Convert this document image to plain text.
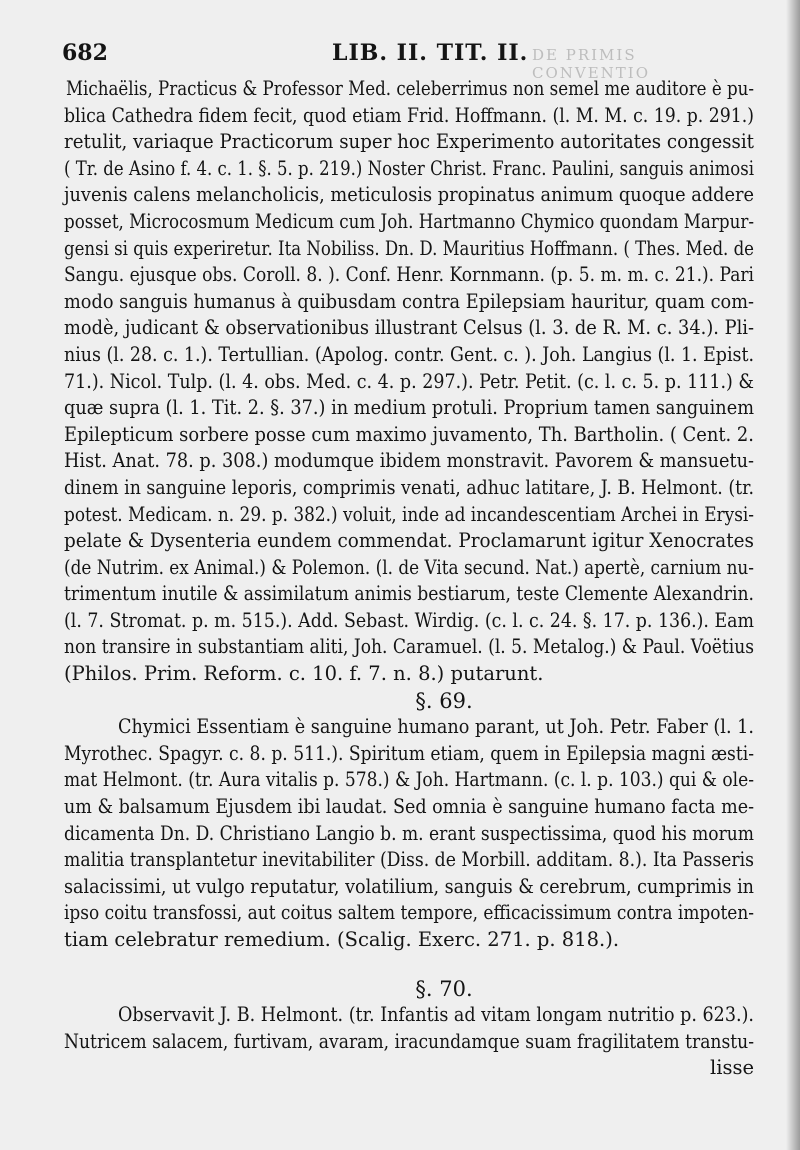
682	LIB. II. TIT. II. DE PRIMIS CONVENTIO
Michaëlis, Practicus & Professor Med. celeberrimus non semel me auditore è pu-
blica Cathedra fidem fecit, quod etiam Frid. Hoffmann. (l. M. M. c. 19. p. 291.)
retulit, variaque Practicorum super hoc Experimento autoritates congessit
( Tr. de Asino f. 4. c. 1. §. 5. p. 219.) Noster Christ. Franc. Paulini, sanguis animosi
juvenis calens melancholicis, meticulosis propinatus animum quoque addere
posset, Microcosmum Medicum cum Joh. Hartmanno Chymico quondam Marpur-
gensi si quis experiretur. Ita Nobiliss. Dn. D. Mauritius Hoffmann. ( Thes. Med. de
Sangu. ejusque obs. Coroll. 8. ). Conf. Henr. Kornmann. (p. 5. m. m. c. 21.). Pari
modo sanguis humanus à quibusdam contra Epilepsiam hauritur, quam com-
modè, judicant & observationibus illustrant Celsus (l. 3. de R. M. c. 34.). Pli-
nius (l. 28. c. 1.). Tertullian. (Apolog. contr. Gent. c. ). Joh. Langius (l. 1. Epist.
71.). Nicol. Tulp. (l. 4. obs. Med. c. 4. p. 297.). Petr. Petit. (c. l. c. 5. p. 111.) &
quæ supra (l. 1. Tit. 2. §. 37.) in medium protuli. Proprium tamen sanguinem
Epilepticum sorbere posse cum maximo juvamento, Th. Bartholin. ( Cent. 2.
Hist. Anat. 78. p. 308.) modumque ibidem monstravit. Pavorem & mansuetu-
dinem in sanguine leporis, comprimis venati, adhuc latitare, J. B. Helmont. (tr.
potest. Medicam. n. 29. p. 382.) voluit, inde ad incandescentiam Archei in Erysi-
pelate & Dysenteria eundem commendat. Proclamarunt igitur Xenocrates
(de Nutrim. ex Animal.) & Polemon. (l. de Vita secund. Nat.) apertè, carnium nu-
trimentum inutile & assimilatum animis bestiarum, teste Clemente Alexandrin.
(l. 7. Stromat. p. m. 515.). Add. Sebast. Wirdig. (c. l. c. 24. §. 17. p. 136.). Eam
non transire in substantiam aliti, Joh. Caramuel. (l. 5. Metalog.) & Paul. Voëtius
(Philos. Prim. Reform. c. 10. f. 7. n. 8.) putarunt.
§. 69.
Chymici Essentiam è sanguine humano parant, ut Joh. Petr. Faber (l. 1.
Myrothec. Spagyr. c. 8. p. 511.). Spiritum etiam, quem in Epilepsia magni æsti-
mat Helmont. (tr. Aura vitalis p. 578.) & Joh. Hartmann. (c. l. p. 103.) qui & ole-
um & balsamum Ejusdem ibi laudat. Sed omnia è sanguine humano facta me-
dicamenta Dn. D. Christiano Langio b. m. erant suspectissima, quod his morum
malitia transplantetur inevitabiliter (Diss. de Morbill. additam. 8.). Ita Passeris
salacissimi, ut vulgo reputatur, volatilium, sanguis & cerebrum, cumprimis in
ipso coitu transfossi, aut coitus saltem tempore, efficacissimum contra impoten-
tiam celebratur remedium. (Scalig. Exerc. 271. p. 818.).
§. 70.
Observavit J. B. Helmont. (tr. Infantis ad vitam longam nutritio p. 623.).
Nutricem salacem, furtivam, avaram, iracundamque suam fragilitatem transtu-
lisse
